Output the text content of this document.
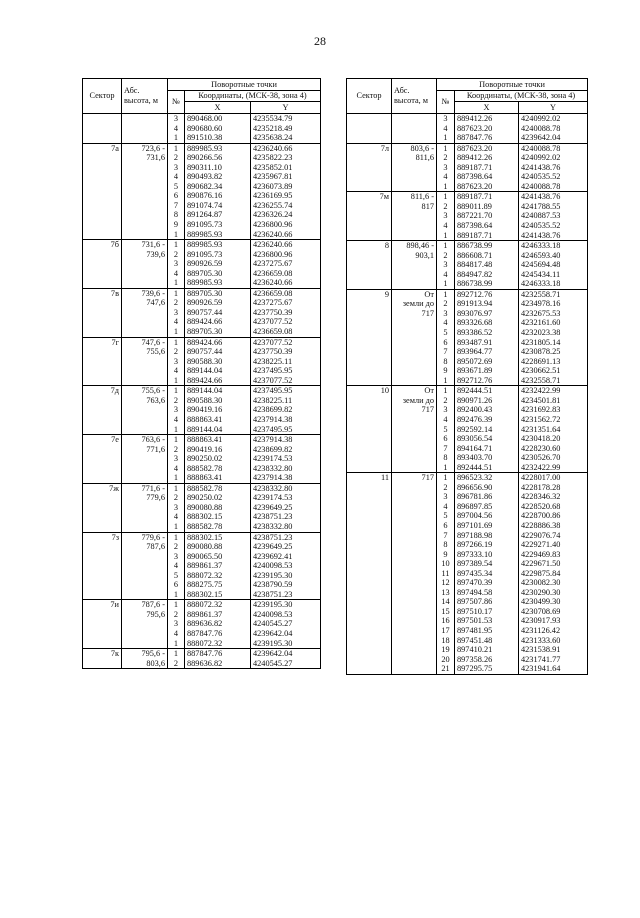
28
Сектор	Абс. высота, м	Поворотные точки		
		№	Координаты, (МСК-38, зона 4)	
			X	Y
		3	890468.00	4235534.79
		4	890680.60	4235218.49
		1	891510.38	4235638.24
7а	723,6 -	1	889985.93	4236240.66
	731,6	2	890266.56	4235822.23
		3	890311.10	4235852.01
		4	890493.82	4235967.81
		5	890682.34	4236073.89
		6	890876.16	4236169.95
		7	891074.74	4236255.74
		8	891264.87	4236326.24
		9	891095.73	4236800.96
		1	889985.93	4236240.66
7б	731,6 -	1	889985.93	4236240.66
	739,6	2	891095.73	4236800.96
		3	890926.59	4237275.67
		4	889705.30	4236659.08
		1	889985.93	4236240.66
7в	739,6 -	1	889705.30	4236659.08
	747,6	2	890926.59	4237275.67
		3	890757.44	4237750.39
		4	889424.66	4237077.52
		1	889705.30	4236659.08
7г	747,6 -	1	889424.66	4237077.52
	755,6	2	890757.44	4237750.39
		3	890588.30	4238225.11
		4	889144.04	4237495.95
		1	889424.66	4237077.52
7д	755,6 -	1	889144.04	4237495.95
	763,6	2	890588.30	4238225.11
		3	890419.16	4238699.82
		4	888863.41	4237914.38
		1	889144.04	4237495.95
7е	763,6 -	1	888863.41	4237914.38
	771,6	2	890419.16	4238699.82
		3	890250.02	4239174.53
		4	888582.78	4238332.80
		1	888863.41	4237914.38
7ж	771,6 -	1	888582.78	4238332.80
	779,6	2	890250.02	4239174.53
		3	890080.88	4239649.25
		4	888302.15	4238751.23
		1	888582.78	4238332.80
7з	779,6 -	1	888302.15	4238751.23
	787,6	2	890080.88	4239649.25
		3	890065.50	4239692.41
		4	889861.37	4240098.53
		5	888072.32	4239195.30
		6	888275.75	4238790.59
		1	888302.15	4238751.23
7и	787,6 -	1	888072.32	4239195.30
	795,6	2	889861.37	4240098.53
		3	889636.82	4240545.27
		4	887847.76	4239642.04
		1	888072.32	4239195.30
7к	795,6 -	1	887847.76	4239642.04
	803,6	2	889636.82	4240545.27
Сектор	Абс. высота, м	Поворотные точки		
		№	Координаты, (МСК-38, зона 4)	
			X	Y
		3	889412.26	4240992.02
		4	887623.20	4240088.78
		1	887847.76	4239642.04
7л	803,6 -	1	887623.20	4240088.78
	811,6	2	889412.26	4240992.02
		3	889187.71	4241438.76
		4	887398.64	4240535.52
		1	887623.20	4240088.78
7м	811,6 -	1	889187.71	4241438.76
	817	2	889011.89	4241788.55
		3	887221.70	4240887.53
		4	887398.64	4240535.52
		1	889187.71	4241438.76
8	898,46 -	1	886738.99	4246333.18
	903,1	2	886608.71	4246593.40
		3	884817.48	4245694.48
		4	884947.82	4245434.11
		1	886738.99	4246333.18
9	От	1	892712.76	4232558.71
	земли до	2	891913.94	4234978.16
	717	3	893076.97	4232675.53
		4	893326.68	4232161.60
		5	893386.52	4232023.38
		6	893487.91	4231805.14
		7	893964.77	4230878.25
		8	895072.69	4228691.13
		9	893671.89	4230662.51
		1	892712.76	4232558.71
10	От	1	892444.51	4232422.99
	земли до	2	890971.26	4234501.81
	717	3	892400.43	4231692.83
		4	892476.39	4231562.72
		5	892592.14	4231351.64
		6	893056.54	4230418.20
		7	894164.71	4228230.60
		8	893403.70	4230526.70
		1	892444.51	4232422.99
11	717	1	896523.32	4228017.00
		2	896656.90	4228178.28
		3	896781.86	4228346.32
		4	896897.85	4228520.68
		5	897004.56	4228700.86
		6	897101.69	4228886.38
		7	897188.98	4229076.74
		8	897266.19	4229271.40
		9	897333.10	4229469.83
		10	897389.54	4229671.50
		11	897435.34	4229875.84
		12	897470.39	4230082.30
		13	897494.58	4230290.30
		14	897507.86	4230499.30
		15	897510.17	4230708.69
		16	897501.53	4230917.93
		17	897481.95	4231126.42
		18	897451.48	4231333.60
		19	897410.21	4231538.91
		20	897358.26	4231741.77
		21	897295.75	4231941.64
